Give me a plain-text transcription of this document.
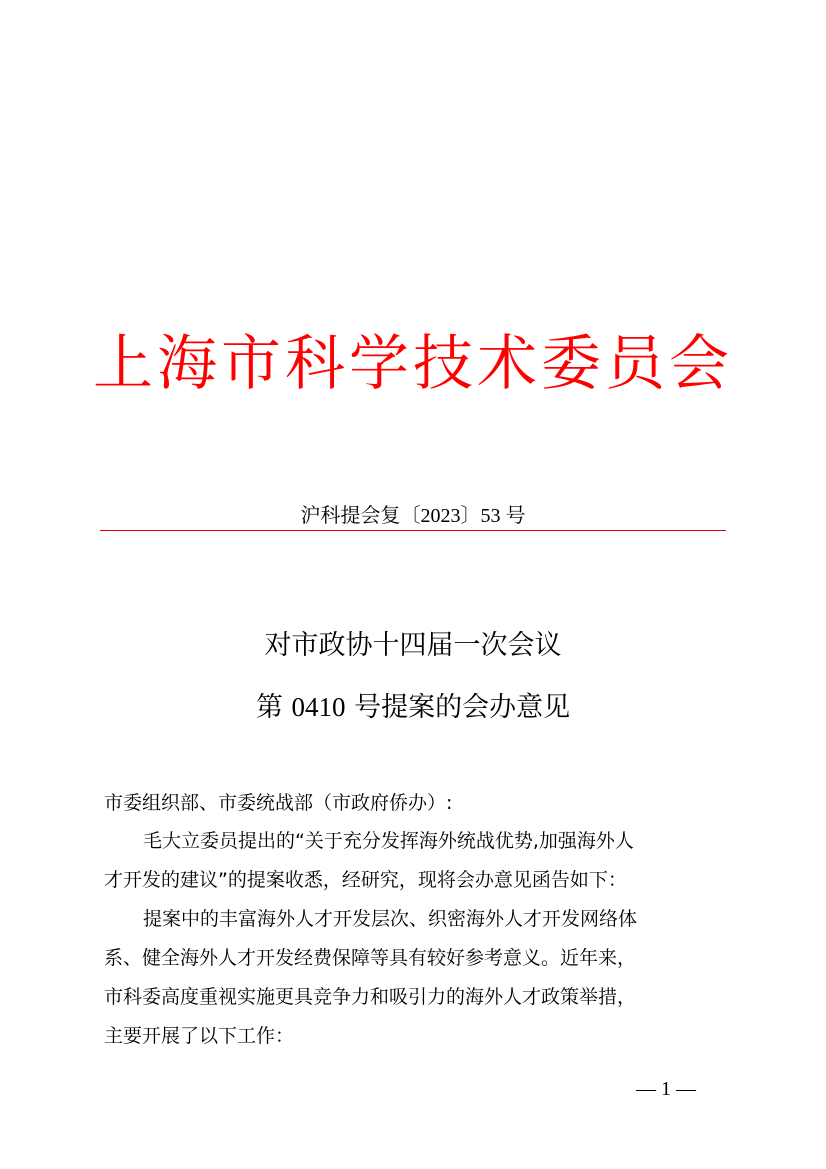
上海市科学技术委员会
沪科提会复〔2023〕53 号
对市政协十四届一次会议
第 0410 号提案的会办意见
市委组织部、市委统战部（市政府侨办）:
毛大立委员提出的“关于充分发挥海外统战优势,加强海外人
才开发的建议”的提案收悉，经研究，现将会办意见函告如下：
提案中的丰富海外人才开发层次、织密海外人才开发网络体
系、健全海外人才开发经费保障等具有较好参考意义。近年来，
市科委高度重视实施更具竞争力和吸引力的海外人才政策举措，
主要开展了以下工作：
— 1 —
